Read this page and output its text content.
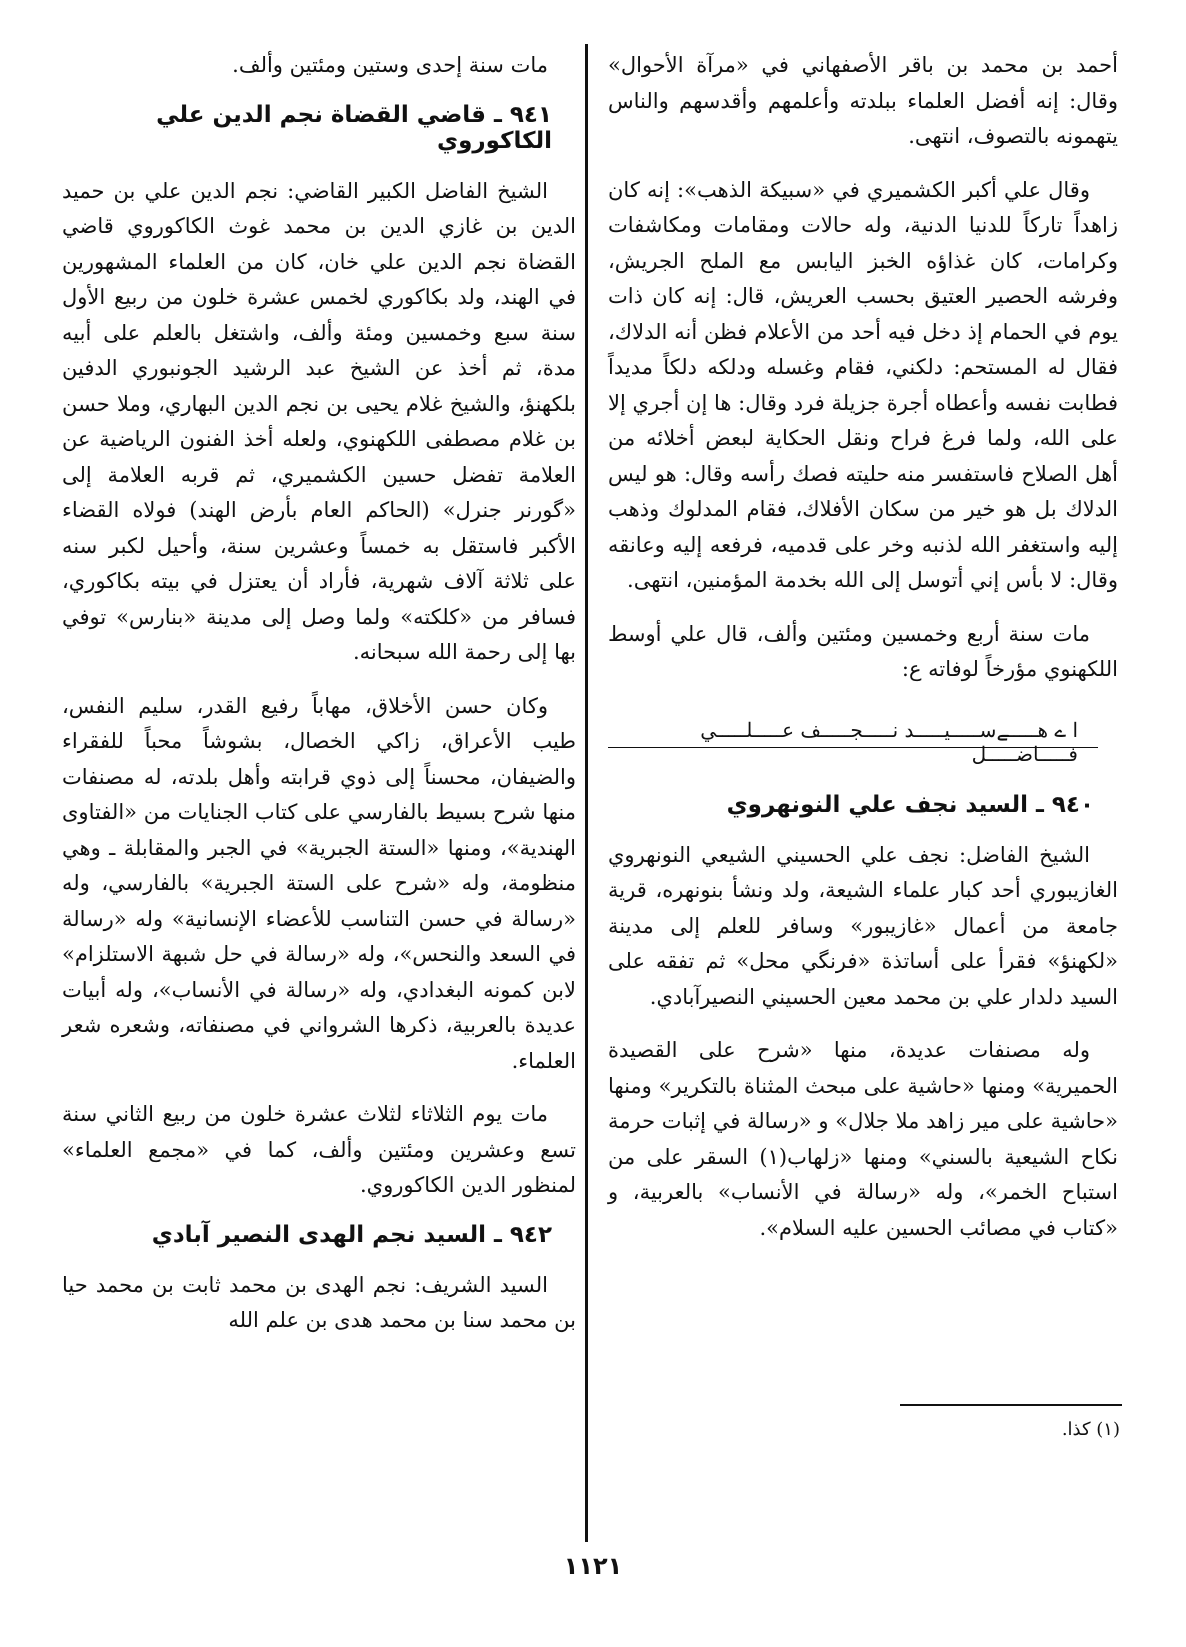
أحمد بن محمد بن باقر الأصفهاني في «مرآة الأحوال» وقال: إنه أفضل العلماء ببلدته وأعلمهم وأقدسهم والناس يتهمونه بالتصوف، انتهى.

وقال علي أكبر الكشميري في «سبيكة الذهب»: إنه كان زاهداً تاركاً للدنيا الدنية، وله حالات ومقامات ومكاشفات وكرامات، كان غذاؤه الخبز اليابس مع الملح الجريش، وفرشه الحصير العتيق بحسب العريش، قال: إنه كان ذات يوم في الحمام إذ دخل فيه أحد من الأعلام فظن أنه الدلاك، فقال له المستحم: دلكني، فقام وغسله ودلكه دلكاً مديداً فطابت نفسه وأعطاه أجرة جزيلة فرد وقال: ها إن أجري إلا على الله، ولما فرغ فراح ونقل الحكاية لبعض أخلائه من أهل الصلاح فاستفسر منه حليته فصك رأسه وقال: هو ليس الدلاك بل هو خير من سكان الأفلاك، فقام المدلوك وذهب إليه واستغفر الله لذنبه وخر على قدميه، فرفعه إليه وعانقه وقال: لا بأس إني أتوسل إلى الله بخدمة المؤمنين، انتهى.

مات سنة أربع وخمسين ومئتين وألف، قال علي أوسط اللكهنوي مؤرخاً لوفاته ع:

ا ے هـــــےســـــيـــــد نـــــجـــــف عـــــلـــــي فـــــاضـــــل
٩٤٠ ـ السيد نجف علي النونهروي

الشيخ الفاضل: نجف علي الحسيني الشيعي النونهروي الغازيبوري أحد كبار علماء الشيعة، ولد ونشأ بنونهره، قرية جامعة من أعمال «غازيبور» وسافر للعلم إلى مدينة «لكهنؤ» فقرأ على أساتذة «فرنگي محل» ثم تفقه على السيد دلدار علي بن محمد معين الحسيني النصيرآبادي.

وله مصنفات عديدة، منها «شرح على القصيدة الحميرية» ومنها «حاشية على مبحث المثناة بالتكرير» ومنها «حاشية على مير زاهد ملا جلال» و «رسالة في إثبات حرمة نكاح الشيعية بالسني» ومنها «زلهاب(١) السقر على من استباح الخمر»، وله «رسالة في الأنساب» بالعربية، و «كتاب في مصائب الحسين عليه السلام».

مات سنة إحدى وستين ومئتين وألف.

٩٤١ ـ قاضي القضاة نجم الدين علي الكاكوروي

الشيخ الفاضل الكبير القاضي: نجم الدين علي بن حميد الدين بن غازي الدين بن محمد غوث الكاكوروي قاضي القضاة نجم الدين علي خان، كان من العلماء المشهورين في الهند، ولد بكاكوري لخمس عشرة خلون من ربيع الأول سنة سبع وخمسين ومئة وألف، واشتغل بالعلم على أبيه مدة، ثم أخذ عن الشيخ عبد الرشيد الجونبوري الدفين بلكهنؤ، والشيخ غلام يحيى بن نجم الدين البهاري، وملا حسن بن غلام مصطفى اللكهنوي، ولعله أخذ الفنون الرياضية عن العلامة تفضل حسين الكشميري، ثم قربه العلامة إلى «گورنر جنرل» (الحاكم العام بأرض الهند) فولاه القضاء الأكبر فاستقل به خمساً وعشرين سنة، وأحيل لكبر سنه على ثلاثة آلاف شهرية، فأراد أن يعتزل في بيته بكاكوري، فسافر من «كلكته» ولما وصل إلى مدينة «بنارس» توفي بها إلى رحمة الله سبحانه.

وكان حسن الأخلاق، مهاباً رفيع القدر، سليم النفس، طيب الأعراق، زاكي الخصال، بشوشاً محباً للفقراء والضيفان، محسناً إلى ذوي قرابته وأهل بلدته، له مصنفات منها شرح بسيط بالفارسي على كتاب الجنايات من «الفتاوى الهندية»، ومنها «الستة الجبرية» في الجبر والمقابلة ـ وهي منظومة، وله «شرح على الستة الجبرية» بالفارسي، وله «رسالة في حسن التناسب للأعضاء الإنسانية» وله «رسالة في السعد والنحس»، وله «رسالة في حل شبهة الاستلزام» لابن كمونه البغدادي، وله «رسالة في الأنساب»، وله أبيات عديدة بالعربية، ذكرها الشرواني في مصنفاته، وشعره شعر العلماء.

مات يوم الثلاثاء لثلاث عشرة خلون من ربيع الثاني سنة تسع وعشرين ومئتين وألف، كما في «مجمع العلماء» لمنظور الدين الكاكوروي.

٩٤٢ ـ السيد نجم الهدى النصير آبادي

السيد الشريف: نجم الهدى بن محمد ثابت بن محمد حيا بن محمد سنا بن محمد هدى بن علم الله

(١) كذا.
١١٢١
